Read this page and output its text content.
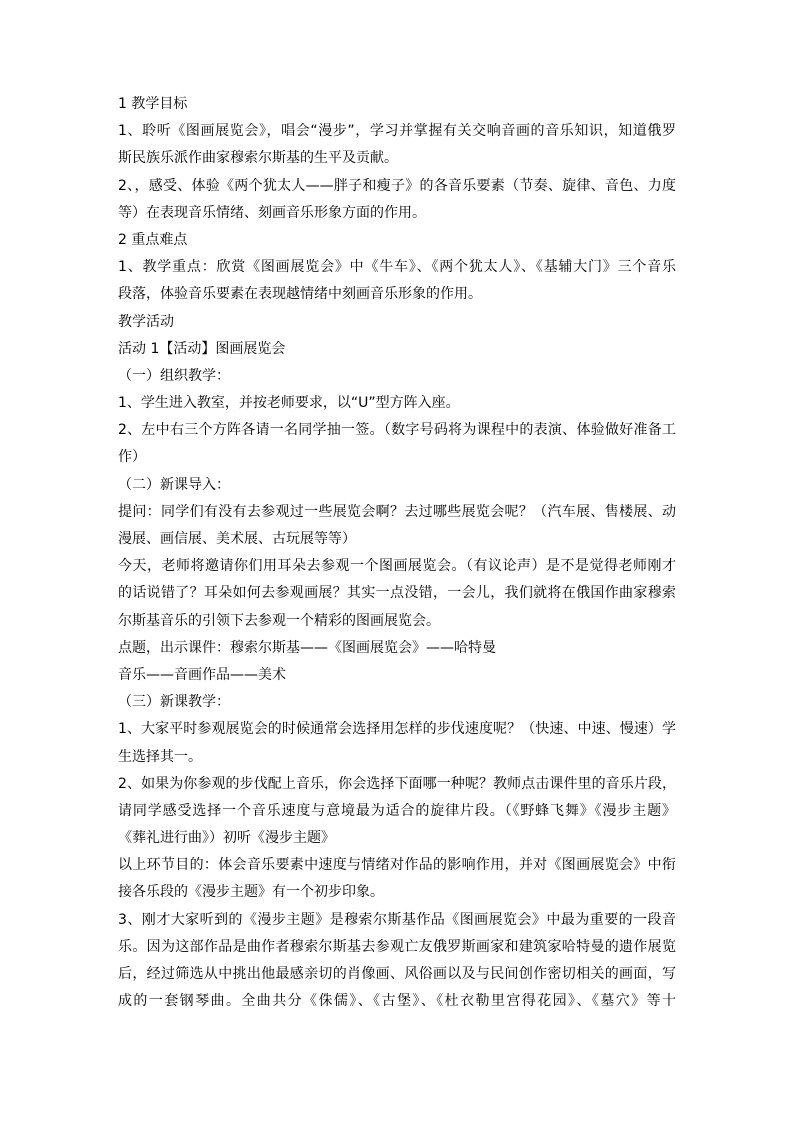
1 教学目标
1、聆听《图画展览会》，唱会“漫步”，学习并掌握有关交响音画的音乐知识，知道俄罗
斯民族乐派作曲家穆索尔斯基的生平及贡献。
2、，感受、体验《两个犹太人——胖子和瘦子》的各音乐要素（节奏、旋律、音色、力度
等）在表现音乐情绪、刻画音乐形象方面的作用。
2 重点难点
1、教学重点：欣赏《图画展览会》中《牛车》、《两个犹太人》、《基辅大门》三个音乐
段落，体验音乐要素在表现越情绪中刻画音乐形象的作用。
教学活动
活动 1【活动】图画展览会
（一）组织教学：
1、学生进入教室，并按老师要求，以“U”型方阵入座。
2、左中右三个方阵各请一名同学抽一签。（数字号码将为课程中的表演、体验做好准备工
作）
（二）新课导入：
提问：同学们有没有去参观过一些展览会啊？去过哪些展览会呢？（汽车展、售楼展、动
漫展、画信展、美术展、古玩展等等）
今天，老师将邀请你们用耳朵去参观一个图画展览会。（有议论声）是不是觉得老师刚才
的话说错了？耳朵如何去参观画展？其实一点没错，一会儿，我们就将在俄国作曲家穆索
尔斯基音乐的引领下去参观一个精彩的图画展览会。
点题，出示课件：穆索尔斯基——《图画展览会》——哈特曼
音乐——音画作品——美术
（三）新课教学：
1、大家平时参观展览会的时候通常会选择用怎样的步伐速度呢？（快速、中速、慢速）学
生选择其一。
2、如果为你参观的步伐配上音乐，你会选择下面哪一种呢？教师点击课件里的音乐片段，
请同学感受选择一个音乐速度与意境最为适合的旋律片段。（《野蜂飞舞》《漫步主题》
《葬礼进行曲》）初听《漫步主题》
以上环节目的：体会音乐要素中速度与情绪对作品的影响作用，并对《图画展览会》中衔
接各乐段的《漫步主题》有一个初步印象。
3、刚才大家听到的《漫步主题》是穆索尔斯基作品《图画展览会》中最为重要的一段音
乐。因为这部作品是曲作者穆索尔斯基去参观亡友俄罗斯画家和建筑家哈特曼的遗作展览
后，经过筛选从中挑出他最感亲切的肖像画、风俗画以及与民间创作密切相关的画面，写
成的一套钢琴曲。全曲共分《侏儒》、《古堡》、《杜衣勒里宫得花园》、《墓穴》等十
